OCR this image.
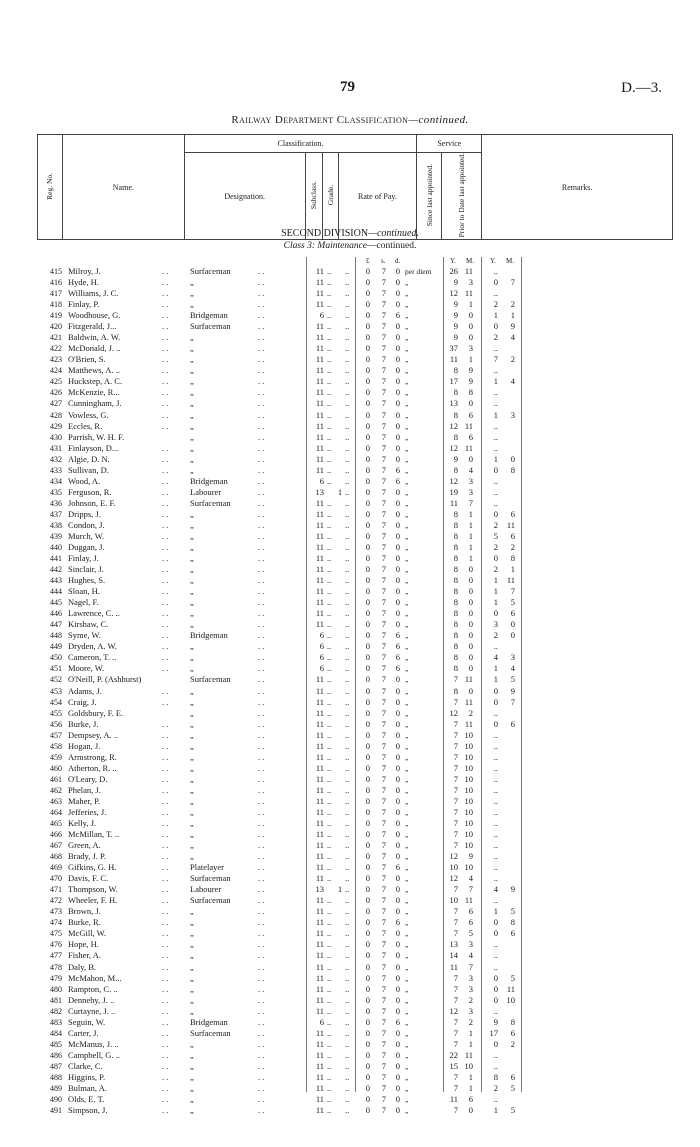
79	D.—3.
Railway Department Classification—continued.
Reg. No.	Name.	Classification.				Service		Remarks.
		Designation.	Subclass.	Grade.	Rate of Pay.	Since last appointed.	Prior to Date last appointed.	
SECOND DIVISION—continued.
Class 3: Maintenance—continued.
£ s. d.	Y. M. Y. M.
415 Milroy, J.	..	Surfaceman	..	11 .. ..	0	7	0 per diem	26 11	..
416 Hyde, H.	..	„	..	11 .. ..	0	7	0 „	9	3	0	7
417 Williams, J. C.	..	„	..	11 .. ..	0	7	0 „	12 11	..
418 Finlay, P.	..	„	..	11 .. ..	0	7	0 „	9	1	2	2
419 Woodhouse, G.	..	Bridgeman	..	6 .. ..	0	7	6 „	9	0	1	1
420 Fitzgerald, J...	..	Surfaceman	..	11 .. ..	0	7	0 „	9	0	0	9
421 Baldwin, A. W.	..	„	..	11 .. ..	0	7	0 „	9	0	2	4
422 McDonald, J. ..	..	„	..	11 .. ..	0	7	0 „	37	3	..
423 O'Brien, S.	..	„	..	11 .. ..	0	7	0 „	11	1	7	2
424 Matthews, A. ..	..	„	..	11 .. ..	0	7	0 „	8	9	..
425 Huckstep, A. C.	..	„	..	11 .. ..	0	7	0 „	17	9	1	4
426 McKenzie, R...	..	„	..	11 .. ..	0	7	0 „	8	8	..
427 Cunningham, J.	..	„	..	11 .. ..	0	7	0 „	13	0	..
428 Vowless, G.	..	„	..	11 .. ..	0	7	0 „	8	6	1	3
429 Eccles, R.	..	„	..	11 .. ..	0	7	0 „	12 11	..
430 Parrish, W. H. F.	„	..	11 .. ..	0	7	0 „	8	6	..
431 Finlayson, D...	..	„	..	11 .. ..	0	7	0 „	12 11	..
432 Algie, D. N.	..	„	..	11 .. ..	0	7	0 „	9	0	1	0
433 Sullivan, D.	..	„	..	11 .. ..	0	7	6 „	8	4	0	8
434 Wood, A.	..	Bridgeman	..	6 .. ..	0	7	6 „	12	3	..
435 Ferguson, R.	..	Labourer	..	13 1 ..	0	7	0 „	19	3	..
436 Johnson, E. F.	..	Surfaceman	..	11 .. ..	0	7	0 „	11	7	..
437 Dripps, J.	..	„	..	11 .. ..	0	7	0 „	8	1	0	6
438 Condon, J.	..	„	..	11 .. ..	0	7	0 „	8	1	2	11
439 Murch, W.	..	„	..	11 .. ..	0	7	0 „	8	1	5	6
440 Duggan, J.	..	„	..	11 .. ..	0	7	0 „	8	1	2	2
441 Finlay, J.	..	„	..	11 .. ..	0	7	0 „	8	1	0	8
442 Sinclair, J.	..	„	..	11 .. ..	0	7	0 „	8	0	2	1
443 Hughes, S.	..	„	..	11 .. ..	0	7	0 „	8	0	1	11
444 Sloan, H.	..	„	..	11 .. ..	0	7	0 „	8	0	1	7
445 Nagel, F.	..	„	..	11 .. ..	0	7	0 „	8	0	1	5
446 Lawrence, C. ..	..	„	..	11 .. ..	0	7	0 „	8	0	0	6
447 Kirshaw, C.	..	„	..	11 .. ..	0	7	0 „	8	0	3	0
448 Syme, W.	..	Bridgeman	..	6 .. ..	0	7	6 „	8	0	2	0
449 Dryden, A. W.	..	„	..	6 .. ..	0	7	6 „	8	0	..
450 Cameron, T. ..	..	„	..	6 .. ..	0	7	6 „	8	0	4	3
451 Moore, W.	..	„	..	6 .. ..	0	7	6 „	8	0	1	4
452 O'Neill, P. (Ashhurst)	Surfaceman	..	11 .. ..	0	7	0 „	7 11	1	5
453 Adams, J.	..	„	..	11 .. ..	0	7	0 „	8	0	0	9
454 Craig, J.	..	„	..	11 .. ..	0	7	0 „	7 11	0	7
455 Goldsbury, F. E.	„	..	11 .. ..	0	7	0 „	12	2	..
456 Burke, J.	..	„	..	11 .. ..	0	7	0 „	7 11	0	6
457 Dempsey, A. ..	..	„	..	11 .. ..	0	7	0 „	7 10	..
458 Hogan, J.	..	„	..	11 .. ..	0	7	0 „	7 10	..
459 Armstrong, R.	..	„	..	11 .. ..	0	7	0 „	7 10	..
460 Atherton, R. ..	..	„	..	11 .. ..	0	7	0 „	7 10	..
461 O'Leary, D.	..	„	..	11 .. ..	0	7	0 „	7 10	..
462 Phelan, J.	..	„	..	11 .. ..	0	7	0 „	7 10	..
463 Maher, P.	..	„	..	11 .. ..	0	7	0 „	7 10	..
464 Jefferies, J.	..	„	..	11 .. ..	0	7	0 „	7 10	..
465 Kelly, J.	..	„	..	11 .. ..	0	7	0 „	7 10	..
466 McMillan, T. ..	..	„	..	11 .. ..	0	7	0 „	7 10	..
467 Green, A.	..	„	..	11 .. ..	0	7	0 „	7 10	..
468 Brady, J. P.	..	„	..	11 .. ..	0	7	0 „	12	9	..
469 Gifkins, G. H.	..	Platelayer	..	11 .. ..	0	7	6 „	10 10	..
470 Davis, F. C.	..	Surfaceman	..	11 .. ..	0	7	0 „	12	4	..
471 Thompson, W.	..	Labourer	..	13 1 ..	0	7	0 „	7	7	4	9
472 Wheeler, F. H.	..	Surfaceman	..	11 .. ..	0	7	0 „	10 11	..
473 Brown, J.	..	„	..	11 .. ..	0	7	0 „	7	6	1	5
474 Burke, R.	..	„	..	11 .. ..	0	7	6 „	7	6	0	8
475 McGill, W.	..	„	..	11 .. ..	0	7	0 „	7	5	0	6
476 Hope, H.	..	„	..	11 .. ..	0	7	0 „	13	3	..
477 Fisher, A.	..	„	..	11 .. ..	0	7	0 „	14	4	..
478 Daly, B.	..	„	..	11 .. ..	0	7	0 „	11	7	..
479 McMahon, M...	..	„	..	11 .. ..	0	7	0 „	7	3	0	5
480 Rampton, C. ..	..	„	..	11 .. ..	0	7	0 „	7	3	0	11
481 Dennehy, J. ..	..	„	..	11 .. ..	0	7	0 „	7	2	0	10
482 Curtayne, J. ..	..	„	..	11 .. ..	0	7	0 „	12	3	..
483 Seguin, W.	..	Bridgeman	..	6 .. ..	0	7	6 „	7	2	9	8
484 Carter, J.	..	Surfaceman	..	11 .. ..	0	7	0 „	7	1	17	6
485 McManus, J. ..	..	„	..	11 .. ..	0	7	0 „	7	1	0	2
486 Campbell, G. ..	..	„	..	11 .. ..	0	7	0 „	22 11	..
487 Clarke, C.	..	„	..	11 .. ..	0	7	0 „	15 10	..
488 Higgins, P.	..	„	..	11 .. ..	0	7	0 „	7	1	8	6
489 Bulman, A.	..	„	..	11 .. ..	0	7	0 „	7	1	2	5
490 Olds, E. T.	..	„	..	11 .. ..	0	7	0 „	11	6	..
491 Simpson, J.	..	„	..	11 .. ..	0	7	0 „	7	0	1	5
